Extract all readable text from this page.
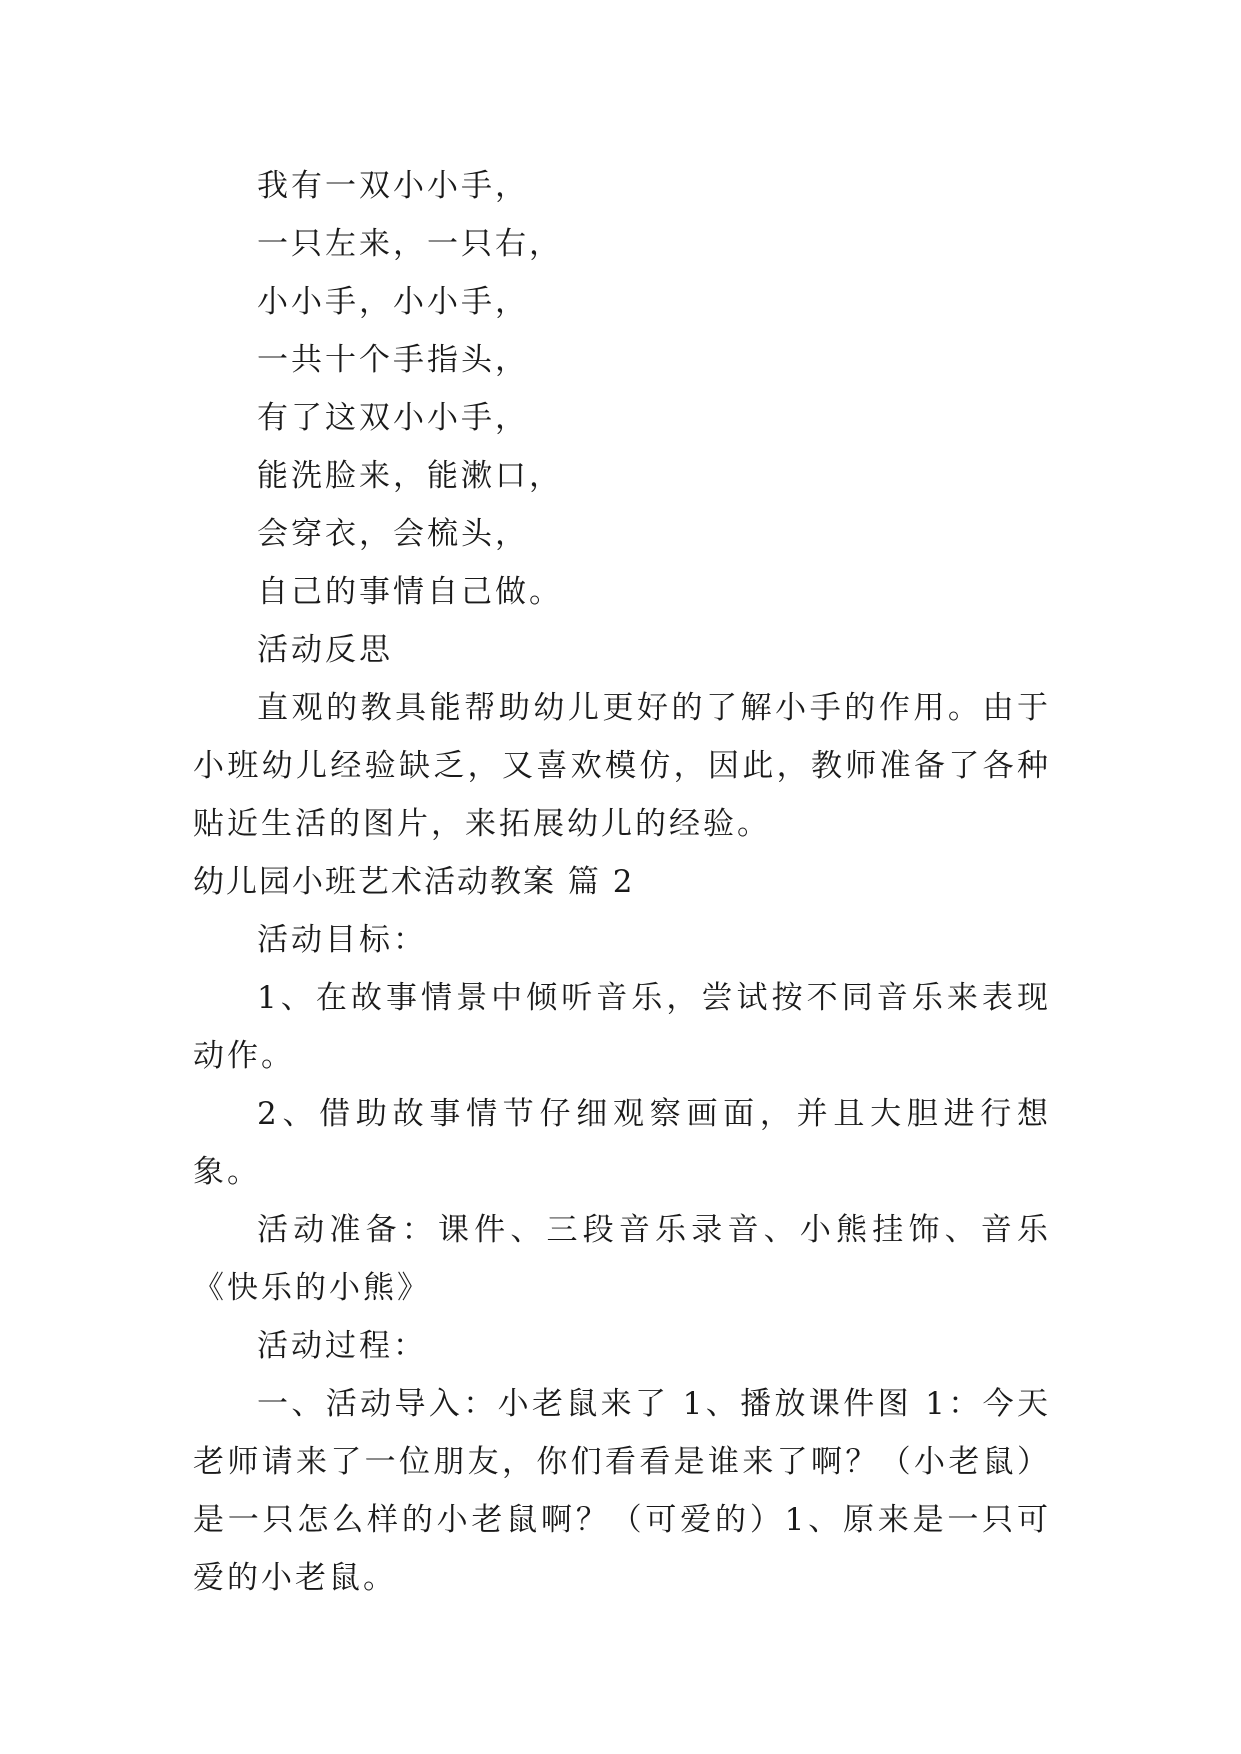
我有一双小小手，
一只左来，一只右，
小小手，小小手，
一共十个手指头，
有了这双小小手，
能洗脸来，能漱口，
会穿衣，会梳头，
自己的事情自己做。
活动反思
直观的教具能帮助幼儿更好的了解小手的作用。由于小班幼儿经验缺乏，又喜欢模仿，因此，教师准备了各种贴近生活的图片，来拓展幼儿的经验。
幼儿园小班艺术活动教案 篇 2
活动目标：
1、在故事情景中倾听音乐，尝试按不同音乐来表现动作。
2、借助故事情节仔细观察画面，并且大胆进行想象。
活动准备：课件、三段音乐录音、小熊挂饰、音乐《快乐的小熊》
活动过程：
一、活动导入：小老鼠来了 1、播放课件图 1：今天老师请来了一位朋友，你们看看是谁来了啊？（小老鼠）是一只怎么样的小老鼠啊？（可爱的）1、原来是一只可爱的小老鼠。
